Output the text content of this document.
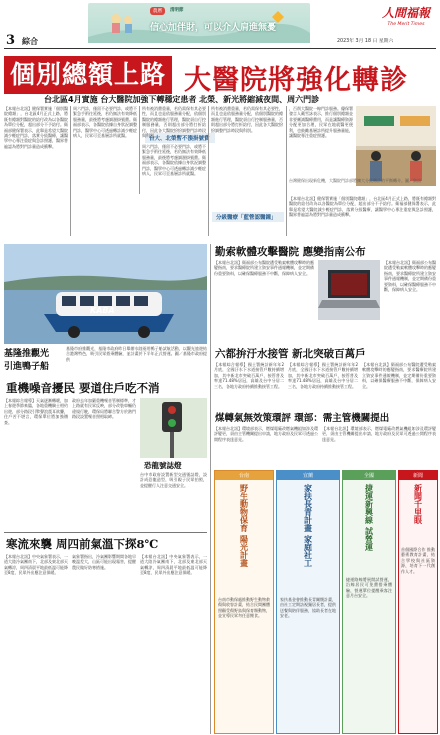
3 綜合
農曆	清明節
信心加伴財，可以介人肩進無憂
人間福報
The Merit Times
2023年 3月 18 日 星期六
個別總額上路 大醫院將強化轉診
台北區4月實施 台大醫院加強下轉穩定患者 北榮、新光將縮減夜間、周六門診
【本報台北訊】健保署實施「個別醫院總額」，台北區4月正式上路，將既有總額對醫院的給付改為以各醫院為單位分配，超出部分不予給付。衛福部健保署表示，此舉是希望大醫院減少輕症門診，落實分級醫療，讓醫學中心專注重症與急診照護，醫界普遍認為將對門診量造成衝擊。
周六門診，僅留不必要門診，或將不緊急手術往延後，若仍無法有效降低服務量，最後將考慮調漲掛號費。衛福部表示，各醫院依據自身狀況調整門診，醫學中心可透過轉診減少輕症病人，民眾可至基層診所就醫。
台大、北榮暫不漲掛號費
所有被消費重量，若仍需保有其必要性，而且也是依服務量分配，依個別醫院的總額進行管理，醫院須自行控制服務量，否則超出部分將打折給付，因此各大醫院紛紛調整門診時段與科別。
周六門診，僅留不必要門診，或將不緊急手術往延後，若仍無法有效降低服務量，最後將考慮調漲掛號費。衛福部表示，各醫院依據自身狀況調整門診，醫學中心可透過轉診減少輕症病人，民眾可至基層診所就醫。
所有被消費重量，若仍需保有其必要性，而且也是依服務量分配，依個別醫院的總額進行管理，醫院須自行控制服務量，否則超出部分將打折給付，因此各大醫院紛紛調整門診時段與科別。
分級醫療「藍營認醫鐘」
，百削大醫院一線門診服務。優保署發言人戴雪詠表示，推行個別總額並非要刪減醫療費用，而是讓醫療資源分配更加合理，民眾在地就醫更便利，也鼓勵基層診所提升服務量能，讓醫院專注重症照護。
台灣健保出現新危機，大醫院門診部將擴大分級轉診的平衡轉介。圖／資訊
【本報台北訊】健保署實施「個別醫院總額」，台北區4月正式上路，將既有總額對醫院的給付改為以各醫院為單位分配，超出部分不予給付。衛福部健保署表示，此舉是希望大醫院減少輕症門診，落實分級醫療，讓醫學中心專注重症與急診照護，醫界普遍認為將對門診量造成衝擊。
KABA
基隆推觀光
引進鴨子船
基隆市府推觀光，基隆市政府昨日舉辦水陸兩用鴨子船試航活動，以觀光旅遊結合港灣特色，吸引民眾搭乘體驗，並計畫於下半年正式營運。圖／基隆市政府提供
勤索軟體攻擊醫院 應變指南公布
【本報台北訊】衛福部公布醫院遭受勒索軟體攻擊時的應變指南，要求醫療院所建立資安事件通報機制，並定期備份重要資料，以確保醫療服務不中斷，保障病人安全。
【本報台北訊】衛福部公布醫院遭受勒索軟體攻擊時的應變指南，要求醫療院所建立資安事件通報機制，並定期備份重要資料，以確保醫療服務不中斷，保障病人安全。
六都拚汙水接管 新北突破百萬戶
【本報綜合報導】國土署統計新年年2月底，全國汙水下水道接管戶數持續增加，其中新北市突破百萬戶，接管普及率達71.48%居冠，高雄及台中分居二三名，各地方政府持續推動接管工程。
【本報綜合報導】國土署統計新年年2月底，全國汙水下水道接管戶數持續增加，其中新北市突破百萬戶，接管普及率達71.48%居冠，高雄及台中分居二三名，各地方政府持續推動接管工程。
【本報台北訊】衛福部公布醫院遭受勒索軟體攻擊時的應變指南，要求醫療院所建立資安事件通報機制，並定期備份重要資料，以確保醫療服務不中斷，保障病人安全。
煤轉氣無效策環評 環部：需主管機關提出
【本報台北訊】環境部表示，燃煤電廠改燃氣機組如涉及環評變更，須由主管機關提出申請，地方政府及民眾可透過公開程序表達意見。
【本報台北訊】環境部表示，燃煤電廠改燃氣機組如涉及環評變更，須由主管機關提出申請，地方政府及民眾可透過公開程序表達意見。
重機噪音擾民 要道住戶吃不消
【本報綜合報導】天氣逐漸轉暖，加上春遊季節來臨，各地重機騎士相約出遊，部分路段引擎聲浪震耳欲聾，住戶苦不堪言，環保單位將加強稽查。
政府去年加嚴重機噪音管制標準，才上路就有民眾反映，部分改裝車輛仍違規行駛，環保局將聯合警方於熱門路段設置噪音照相取締。
恐龍號誌燈
台中市政府設置新型交通號誌燈，設計成恐龍造型，吸引親子民眾拍照，並提醒行人注意交通安全。
寒流來襲 周四前氣溫下探8℃
【本報台北訊】中央氣象署表示，一道大陸冷氣團南下，北部及東北部天氣轉涼，周四清晨平地最低溫可能降至8度，民眾外出應注意保暖。
氣象署指出，冷氣團影響期間各地早晚溫差大，山區可能出現霜害，提醒農民做好防寒措施。
【本報台北訊】中央氣象署表示，一道大陸冷氣團南下，北部及東北部天氣轉涼，周四清晨平地最低溫可能降至8度，民眾外出應注意保暖。
台南
野生動物保育 陽光計畫
台南市動保處推動野生動物救傷與收容計畫，結合民間團體照顧受傷野鳥與保育類動物，並宣導民眾勿任意餵食。
宜蘭
家扶長青計畫 家庭社工
家扶基金會推動長青關懷計畫，由社工定期訪視獨居長者，提供送餐與陪伴服務，協助長者在地安老。
全國
捷運新興線 試營運
捷運路線將展開試營運，沿線居民可免費搭乘體驗，營運單位提醒乘客注意月台安全。
新聞
新聞千里眼
首個國際合作 推動藝術教育計畫，結合學校與社區資源，培育下一代創作人才。
